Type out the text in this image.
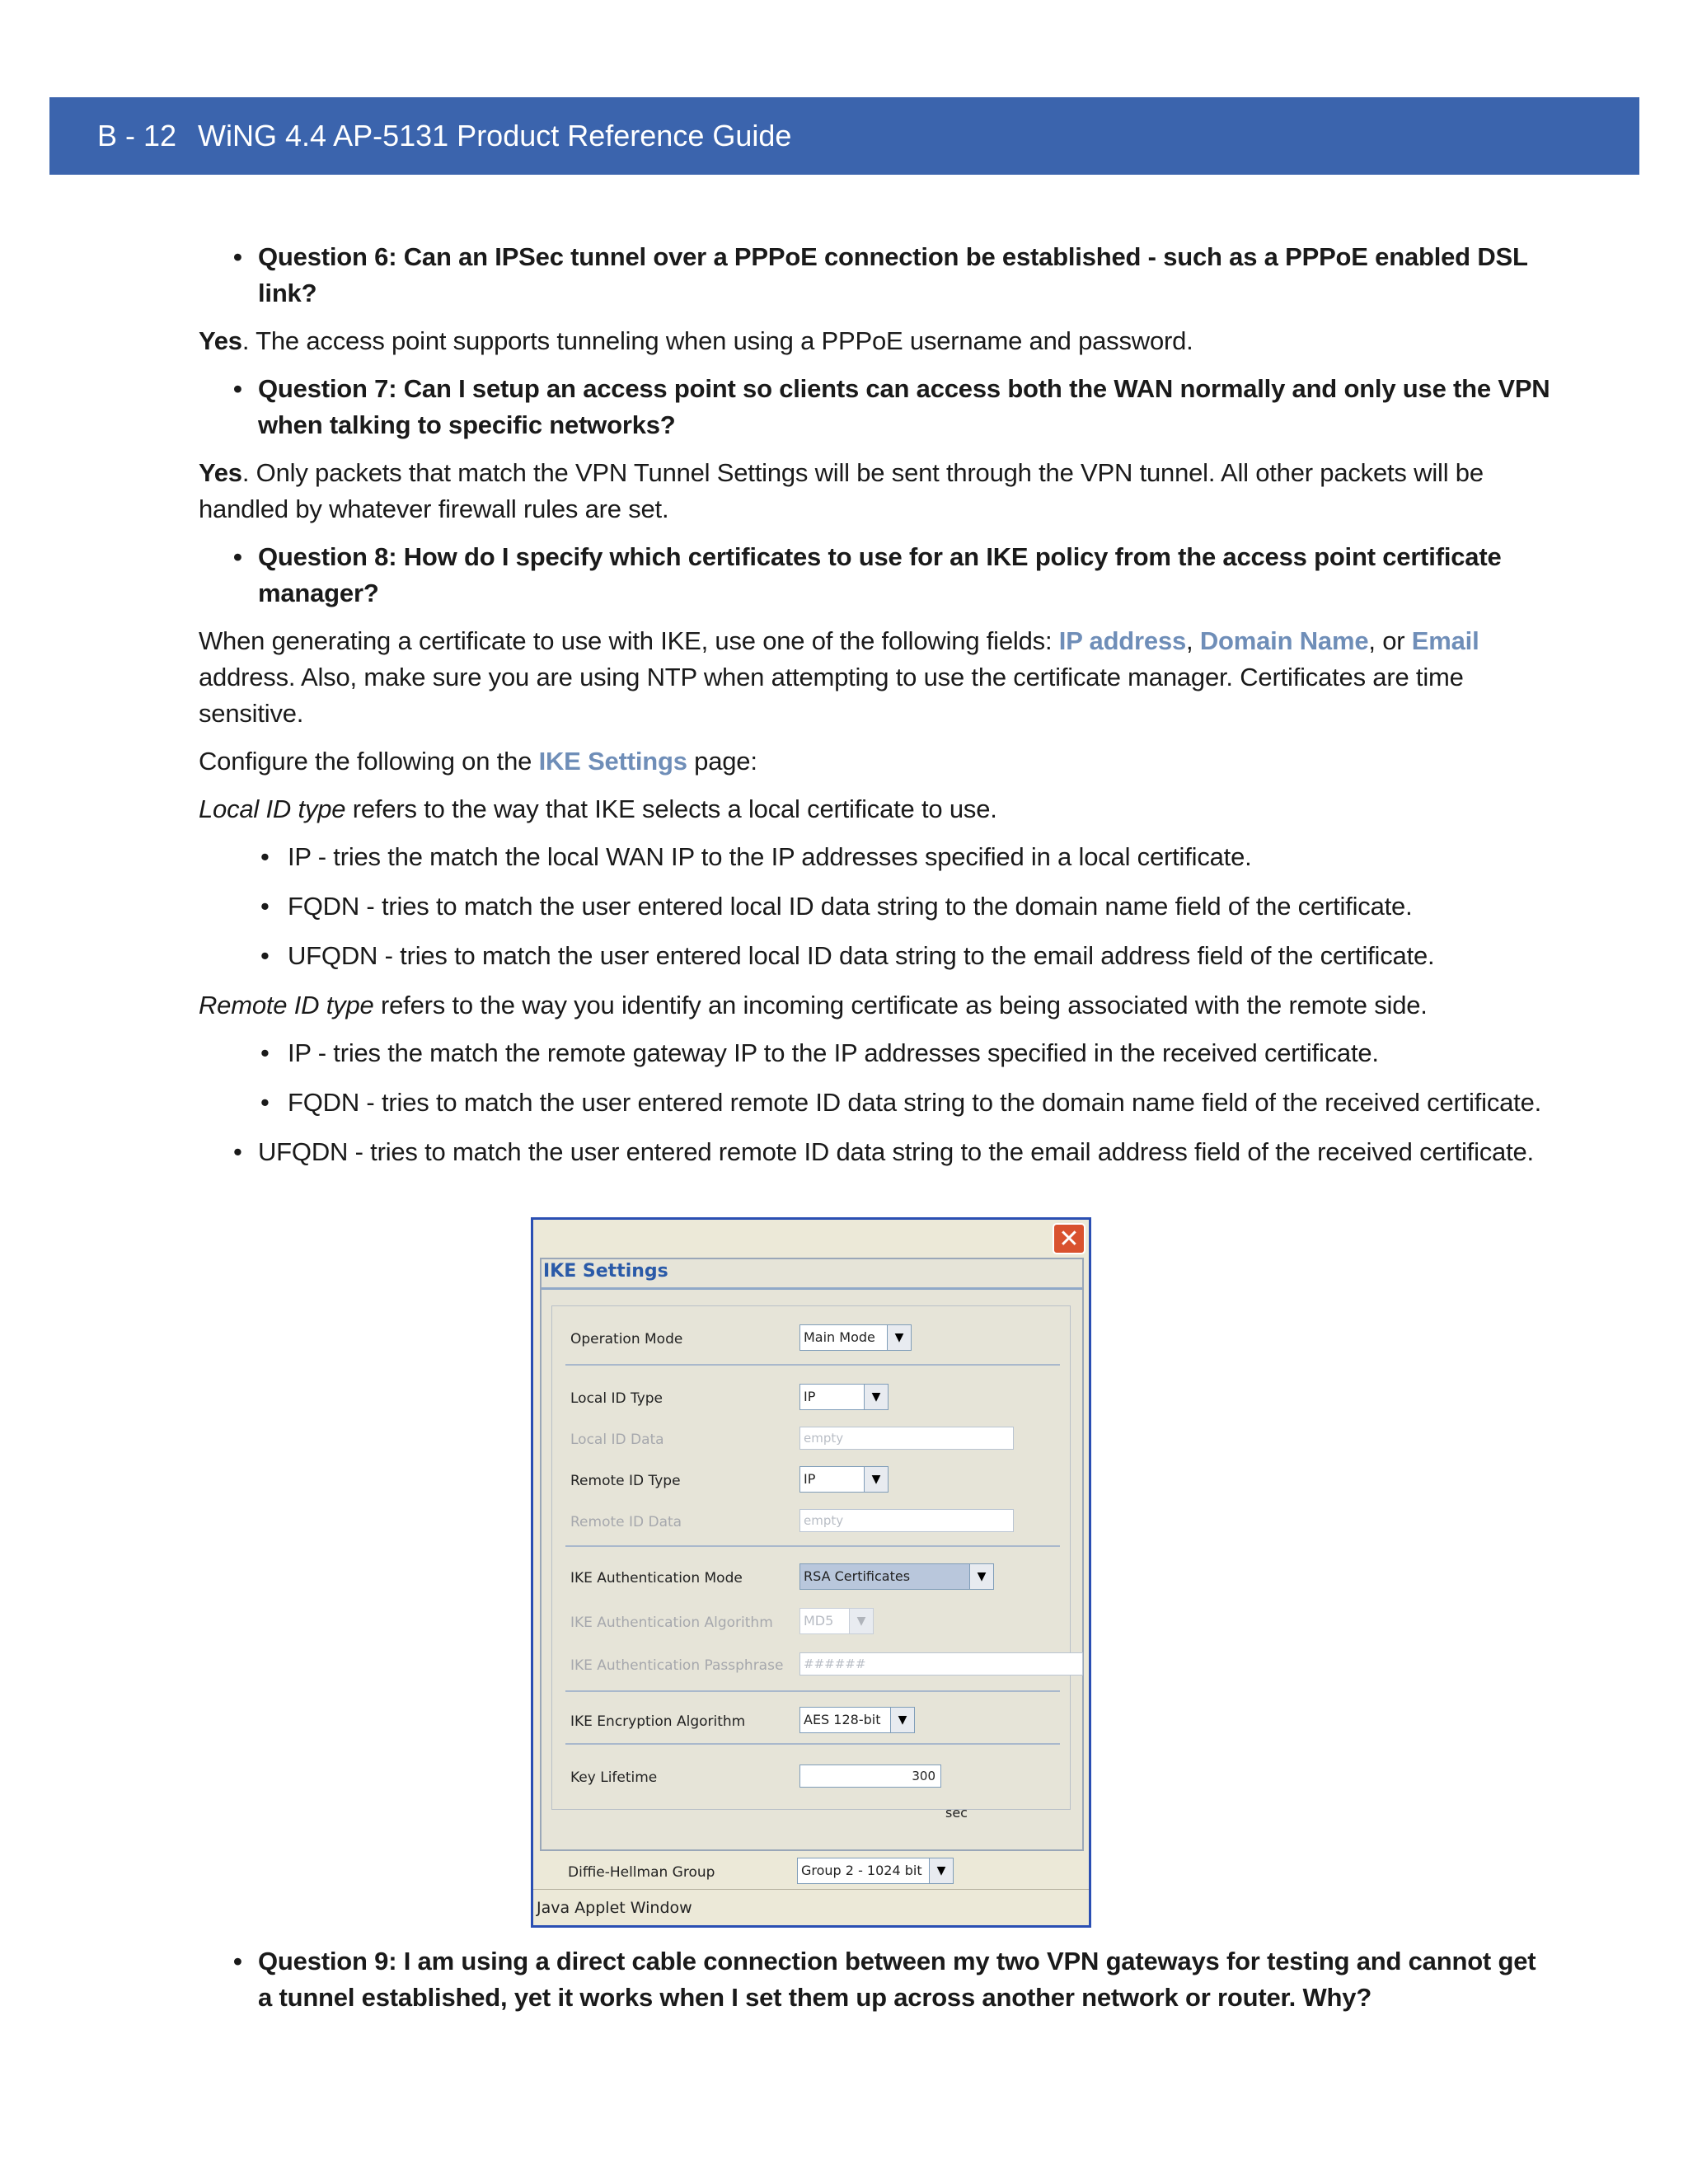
B - 12 WiNG 4.4 AP-5131 Product Reference Guide

• Question 6: Can an IPSec tunnel over a PPPoE connection be established - such as a PPPoE enabled DSL link?

Yes. The access point supports tunneling when using a PPPoE username and password.

• Question 7: Can I setup an access point so clients can access both the WAN normally and only use the VPN when talking to specific networks?

Yes. Only packets that match the VPN Tunnel Settings will be sent through the VPN tunnel. All other packets will be handled by whatever firewall rules are set.

• Question 8: How do I specify which certificates to use for an IKE policy from the access point certificate manager?

When generating a certificate to use with IKE, use one of the following fields: IP address, Domain Name, or Email address. Also, make sure you are using NTP when attempting to use the certificate manager. Certificates are time sensitive.

Configure the following on the IKE Settings page:

Local ID type refers to the way that IKE selects a local certificate to use.

• IP - tries the match the local WAN IP to the IP addresses specified in a local certificate.

• FQDN - tries to match the user entered local ID data string to the domain name field of the certificate.

• UFQDN - tries to match the user entered local ID data string to the email address field of the certificate.

Remote ID type refers to the way you identify an incoming certificate as being associated with the remote side.

• IP - tries the match the remote gateway IP to the IP addresses specified in the received certificate.

• FQDN - tries to match the user entered remote ID data string to the domain name field of the received certificate.

• UFQDN - tries to match the user entered remote ID data string to the email address field of the received certificate.

✕
IKE Settings
Operation Mode	Main Mode	▼
Local ID Type	IP	▼
Local ID Data	empty
Remote ID Type	IP	▼
Remote ID Data	empty
IKE Authentication Mode	RSA Certificates	▼
IKE Authentication Algorithm	MD5	▼
IKE Authentication Passphrase	######
IKE Encryption Algorithm	AES 128-bit	▼
Key Lifetime	300
sec
Diffie-Hellman Group	Group 2 - 1024 bit	▼
Java Applet Window

• Question 9: I am using a direct cable connection between my two VPN gateways for testing and cannot get a tunnel established, yet it works when I set them up across another network or router. Why?
